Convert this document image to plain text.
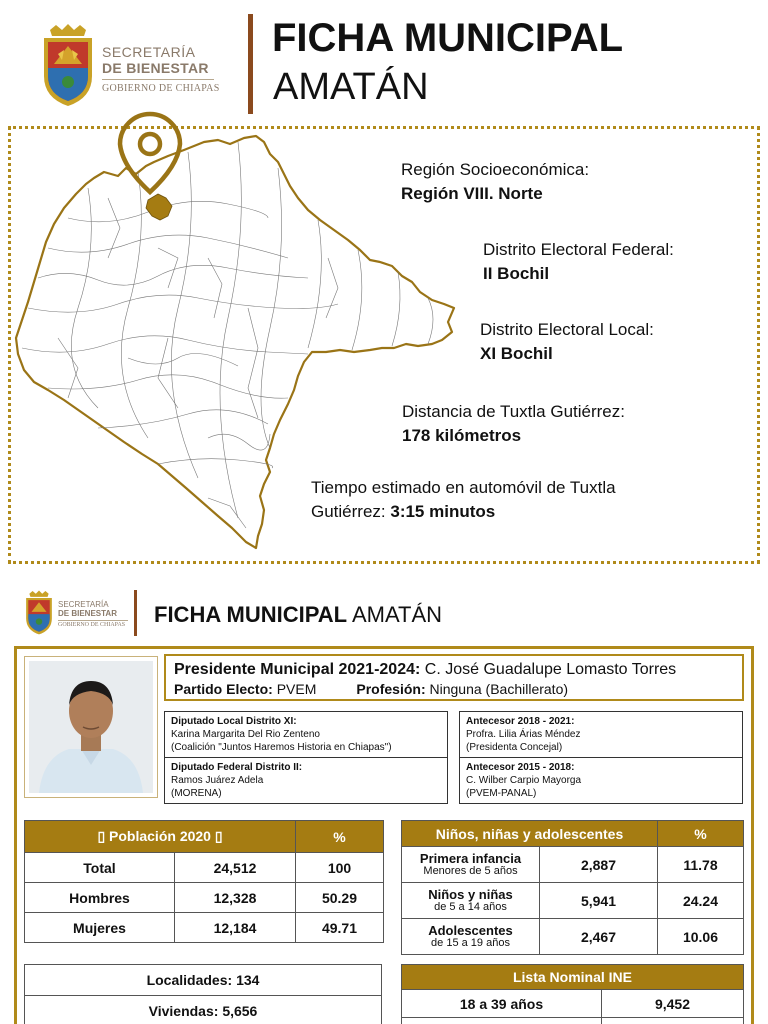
SECRETARÍA
DE BIENESTAR
GOBIERNO DE CHIAPAS
FICHA MUNICIPAL
AMATÁN
Región Socioeconómica:
Región VIII. Norte
Distrito Electoral Federal:
II Bochil
Distrito Electoral Local:
XI Bochil
Distancia de Tuxtla Gutiérrez:
178 kilómetros
Tiempo estimado en automóvil de Tuxtla
Gutiérrez: 3:15 minutos
SECRETARÍA
DE BIENESTAR
GOBIERNO DE CHIAPAS FICHA MUNICIPAL AMATÁN
Presidente Municipal 2021-2024: C. José Guadalupe Lomasto Torres
Partido Electo: PVEM	Profesión: Ninguna (Bachillerato)
Diputado Local Distrito XI:
Karina Margarita Del Rio Zenteno
(Coalición "Juntos Haremos Historia en Chiapas")
Diputado Federal Distrito II:
Ramos Juárez Adela
(MORENA)
Antecesor 2018 - 2021:
Profra. Lilia Árias Méndez
(Presidenta Concejal)
Antecesor 2015 - 2018:
C. Wilber Carpio Mayorga
(PVEM-PANAL)
▯ Población 2020 ▯		%
Total	24,512	100
Hombres	12,328	50.29
Mujeres	12,184	49.71
Niños, niñas y adolescentes		%

Primera infancia
Menores de 5 años	2,887	11.78

Niños y niñas
de 5 a 14 años	5,941	24.24

Adolescentes
de 15 a 19 años	2,467	10.06
Localidades: 134
Viviendas: 5,656
Lista Nominal INE	
18 a 39 años	9,452
